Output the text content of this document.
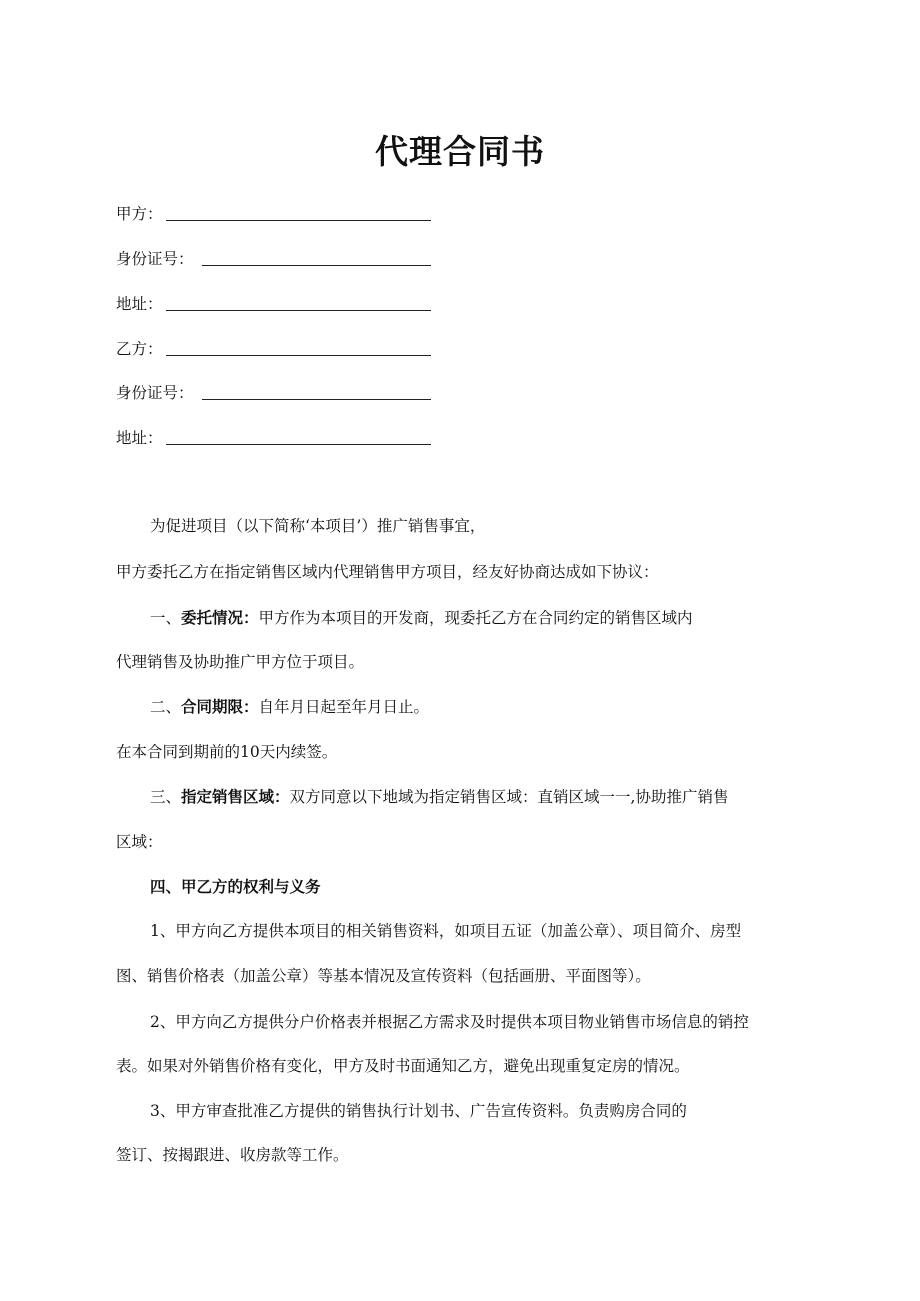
代理合同书
甲方：
身份证号：
地址：
乙方：
身份证号：
地址：
为促进项目（以下简称‘本项目’）推广销售事宜，
甲方委托乙方在指定销售区域内代理销售甲方项目，经友好协商达成如下协议：
一、委托情况：甲方作为本项目的开发商，现委托乙方在合同约定的销售区域内
代理销售及协助推广甲方位于项目。
二、合同期限：自年月日起至年月日止。
在本合同到期前的10天内续签。
三、指定销售区域：双方同意以下地域为指定销售区域：直销区域一一,协助推广销售
区域：
四、甲乙方的权利与义务
1、甲方向乙方提供本项目的相关销售资料，如项目五证（加盖公章）、项目简介、房型
图、销售价格表（加盖公章）等基本情况及宣传资料（包括画册、平面图等）。
2、甲方向乙方提供分户价格表并根据乙方需求及时提供本项目物业销售市场信息的销控
表。如果对外销售价格有变化，甲方及时书面通知乙方，避免出现重复定房的情况。
3、甲方审查批准乙方提供的销售执行计划书、广告宣传资料。负责购房合同的
签订、按揭跟进、收房款等工作。
